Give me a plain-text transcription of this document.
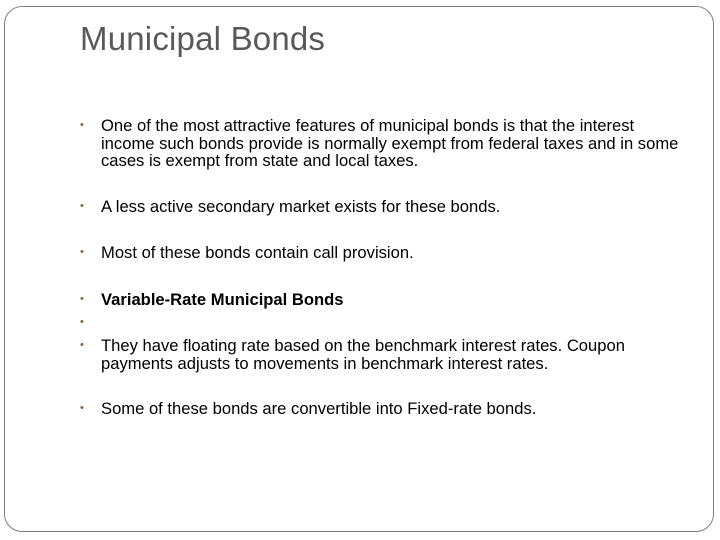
Municipal Bonds
•	One of the most attractive features of municipal bonds is that the interest income such bonds provide is normally exempt from federal taxes and in some cases is exempt from state and local taxes.
•	A less active secondary market exists for these bonds.
•	Most of these bonds contain call provision.
•	Variable-Rate Municipal Bonds
•
•	They have floating rate based on the benchmark interest rates. Coupon payments adjusts to movements in benchmark interest rates.
•	Some of these bonds are convertible into Fixed-rate bonds.
